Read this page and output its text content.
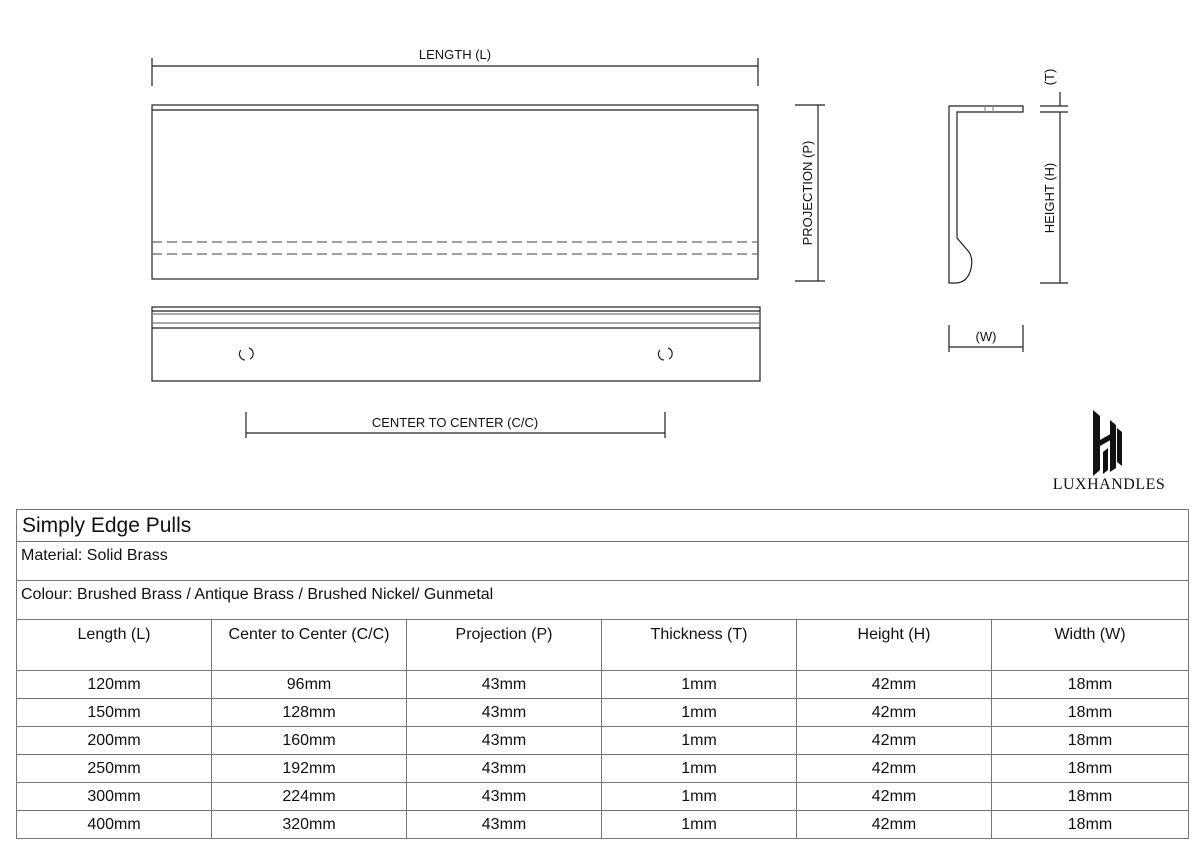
LENGTH (L)
PROJECTION (P)
CENTER TO CENTER (C/C)
(T)
HEIGHT (H)
(W)
LUXHANDLES
Simply Edge Pulls					
Material: Solid Brass					
Colour: Brushed Brass / Antique Brass / Brushed Nickel/ Gunmetal					
Length (L)	Center to Center (C/C)	Projection (P)	Thickness (T)	Height (H)	Width (W)
120mm	96mm	43mm	1mm	42mm	18mm
150mm	128mm	43mm	1mm	42mm	18mm
200mm	160mm	43mm	1mm	42mm	18mm
250mm	192mm	43mm	1mm	42mm	18mm
300mm	224mm	43mm	1mm	42mm	18mm
400mm	320mm	43mm	1mm	42mm	18mm
